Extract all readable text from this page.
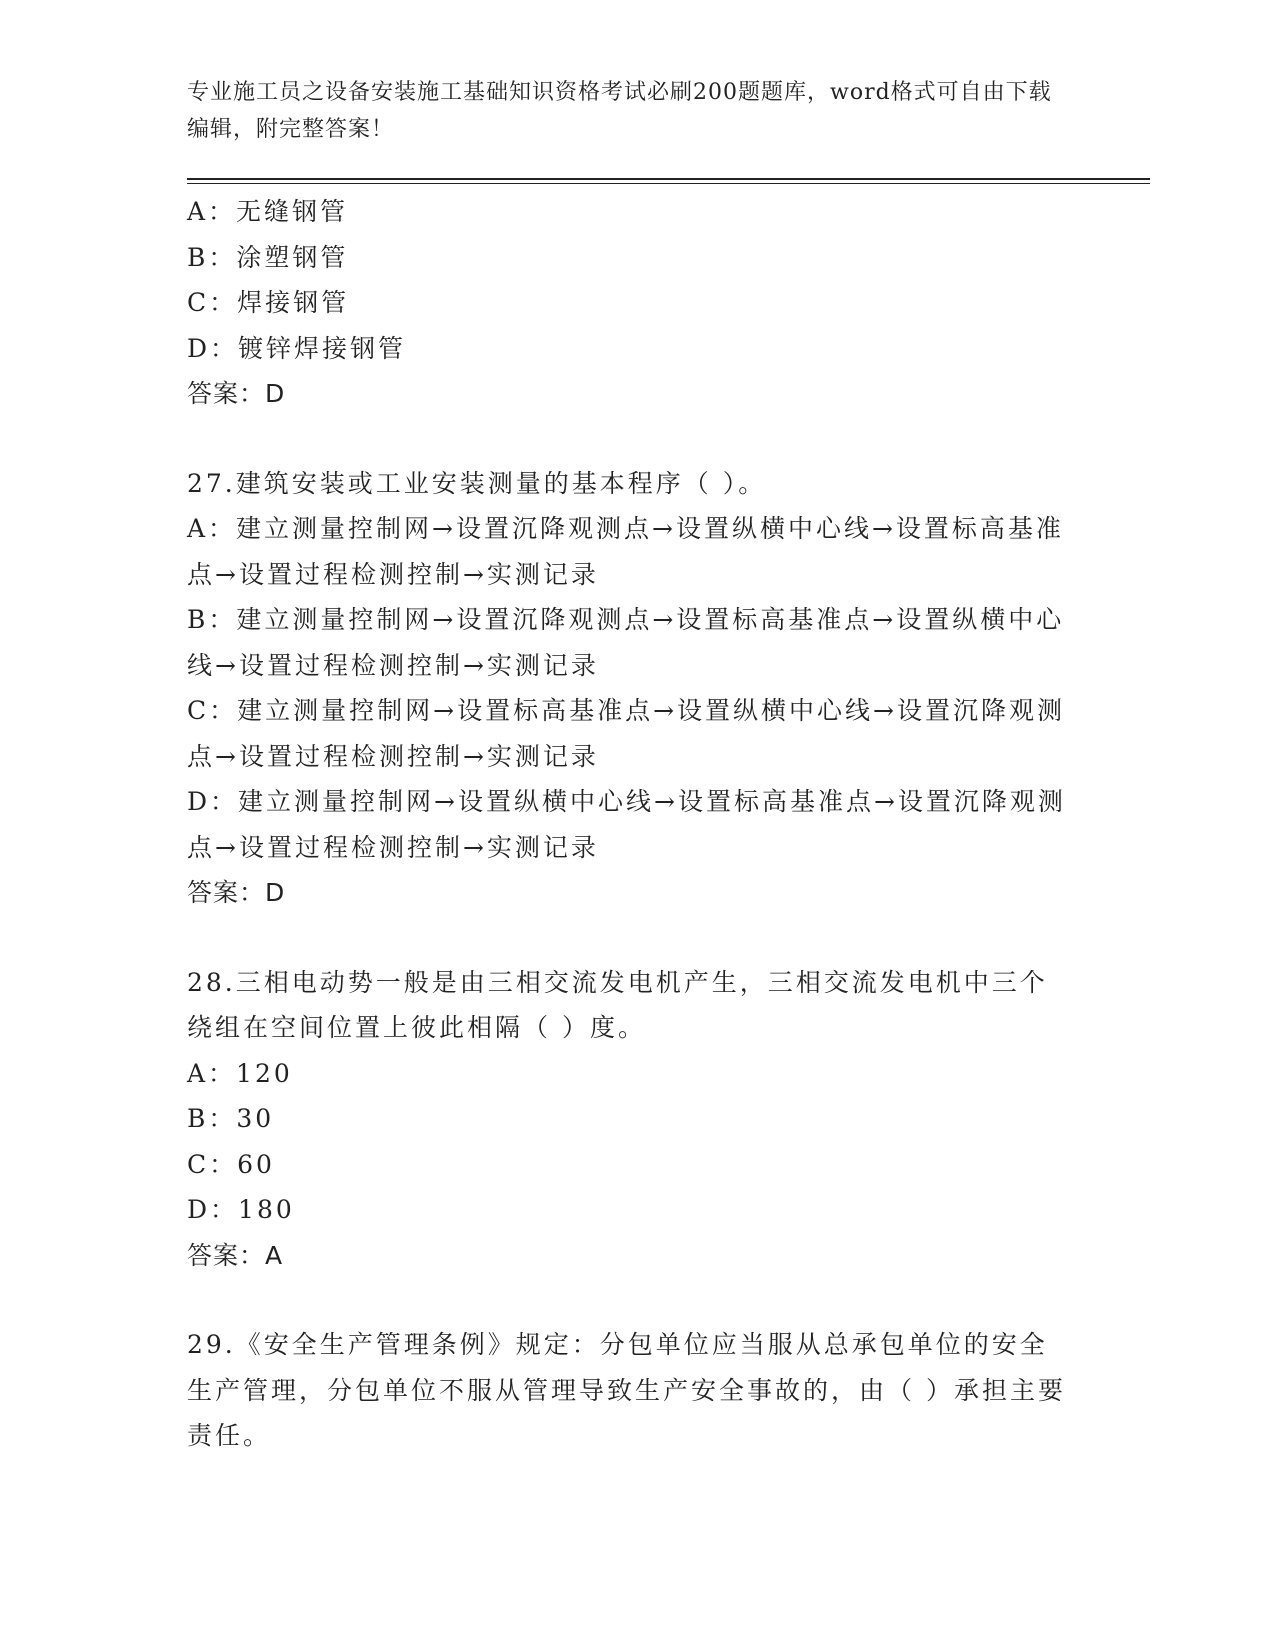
专业施工员之设备安装施工基础知识资格考试必刷200题题库，word格式可自由下载编辑，附完整答案！
A：无缝钢管
B：涂塑钢管
C：焊接钢管
D：镀锌焊接钢管
答案：D
27.建筑安装或工业安装测量的基本程序（ ）。
A：建立测量控制网→设置沉降观测点→设置纵横中心线→设置标高基准点→设置过程检测控制→实测记录
B：建立测量控制网→设置沉降观测点→设置标高基准点→设置纵横中心线→设置过程检测控制→实测记录
C：建立测量控制网→设置标高基准点→设置纵横中心线→设置沉降观测点→设置过程检测控制→实测记录
D：建立测量控制网→设置纵横中心线→设置标高基准点→设置沉降观测点→设置过程检测控制→实测记录
答案：D
28.三相电动势一般是由三相交流发电机产生，三相交流发电机中三个绕组在空间位置上彼此相隔（ ）度。
A：120
B：30
C：60
D：180
答案：A
29.《安全生产管理条例》规定：分包单位应当服从总承包单位的安全生产管理，分包单位不服从管理导致生产安全事故的，由（ ）承担主要责任。
